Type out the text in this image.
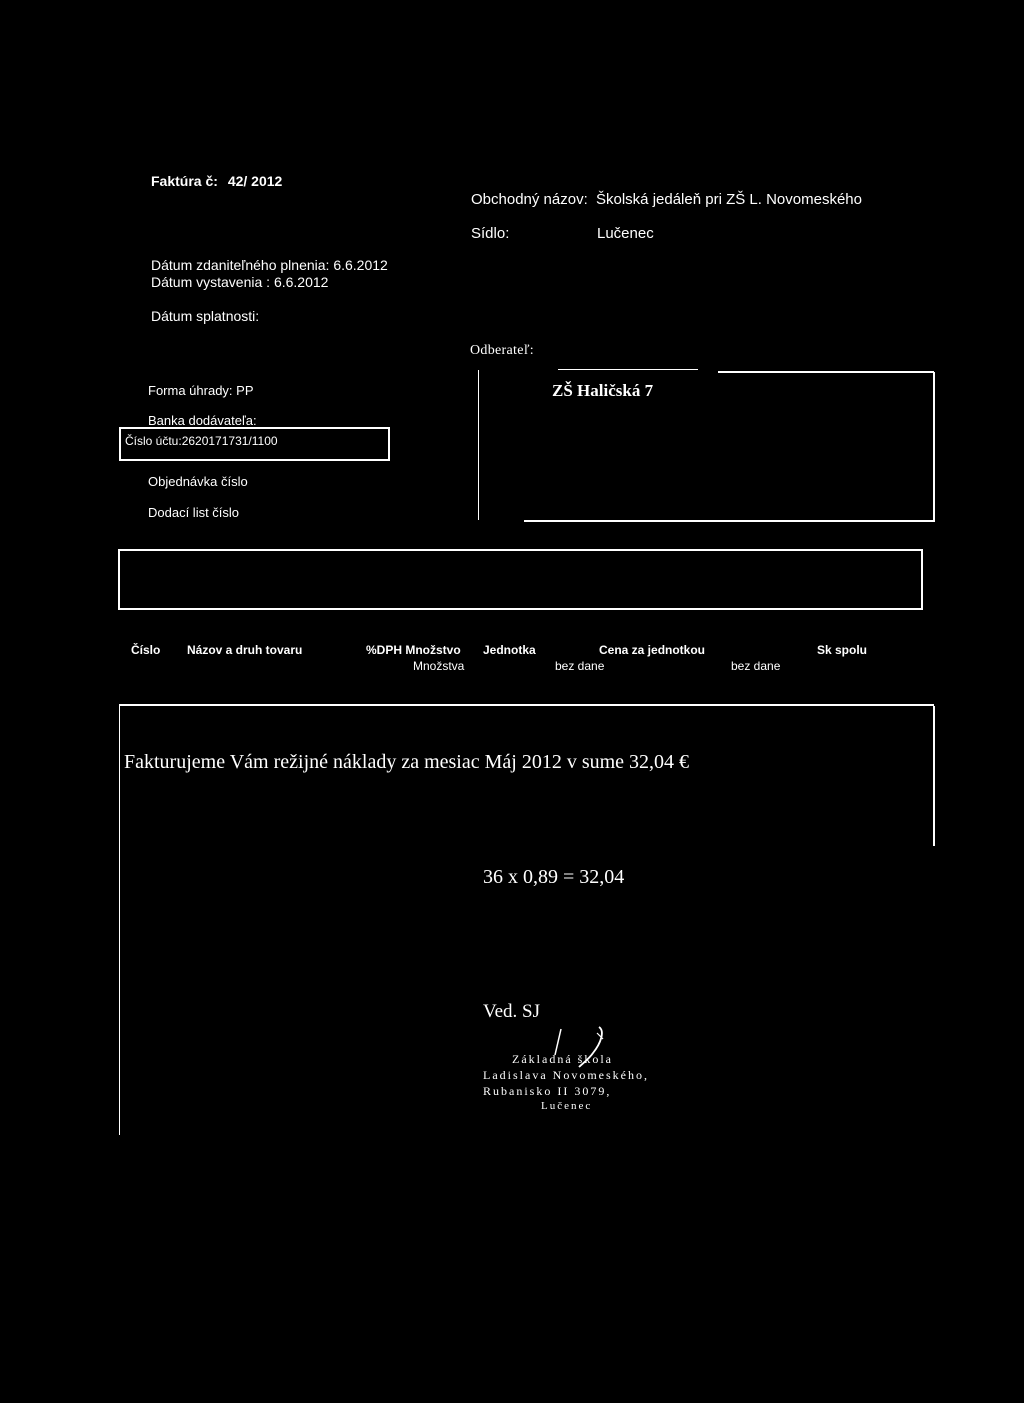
Faktúra č: 42/ 2012
Obchodný názov: Školská jedáleň pri ZŠ L. Novomeského
Sídlo:	Lučenec
Dátum zdaniteľného plnenia: 6.6.2012
Dátum vystavenia : 6.6.2012
Dátum splatnosti:
Odberateľ:
Forma úhrady: PP
Banka dodávateľa:
Číslo účtu:2620171731/1100
Objednávka číslo
Dodací list číslo
ZŠ Haličská 7
Číslo Názov a druh tovaru	%DPH Množstvo Jednotka	Cena za jednotkou	Sk spolu
Množstva	bez dane	bez dane
Fakturujeme Vám režijné náklady za mesiac Máj 2012 v sume 32,04 €
36 x 0,89 = 32,04
Ved. SJ
Základná škola
Ladislava Novomeského,
Rubanisko II 3079,
Lučenec
